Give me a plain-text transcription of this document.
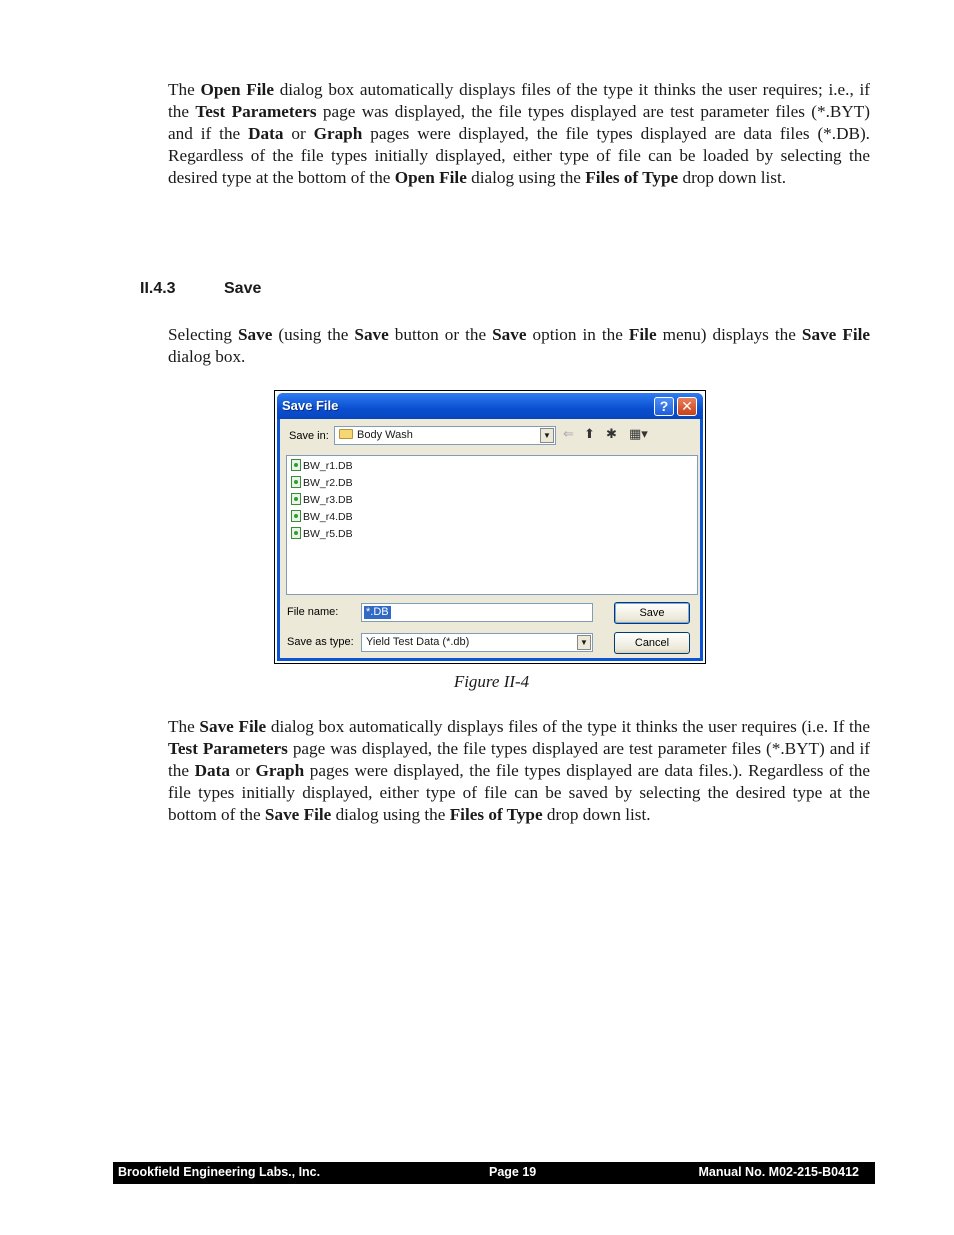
The Open File dialog box automatically displays files of the type it thinks the user requires; i.e., if the Test Parameters page was displayed, the file types displayed are test parameter files (*.BYT) and if the Data or Graph pages were displayed, the file types displayed are data files (*.DB). Regardless of the file types initially displayed, either type of file can be loaded by selecting the desired type at the bottom of the Open File dialog using the Files of Type drop down list.

II.4.3	Save

Selecting Save (using the Save button or the Save option in the File menu) displays the Save File dialog box.

Save File	? ✕
Save in:	Body Wash	▼ ⇐ ⬆ ✱ ▦▾
BW_r1.DB
BW_r2.DB
BW_r3.DB
BW_r4.DB
BW_r5.DB
File name:	*.DB
Save as type: Yield Test Data (*.db)	▼
Save
Cancel
Figure II-4

The Save File dialog box automatically displays files of the type it thinks the user requires (i.e. If the Test Parameters page was displayed, the file types displayed are test parameter files (*.BYT) and if the Data or Graph pages were displayed, the file types displayed are data files.). Regardless of the file types initially displayed, either type of file can be saved by selecting the desired type at the bottom of the Save File dialog using the Files of Type drop down list.

Brookfield Engineering Labs., Inc.	Page 19	Manual No. M02-215-B0412
